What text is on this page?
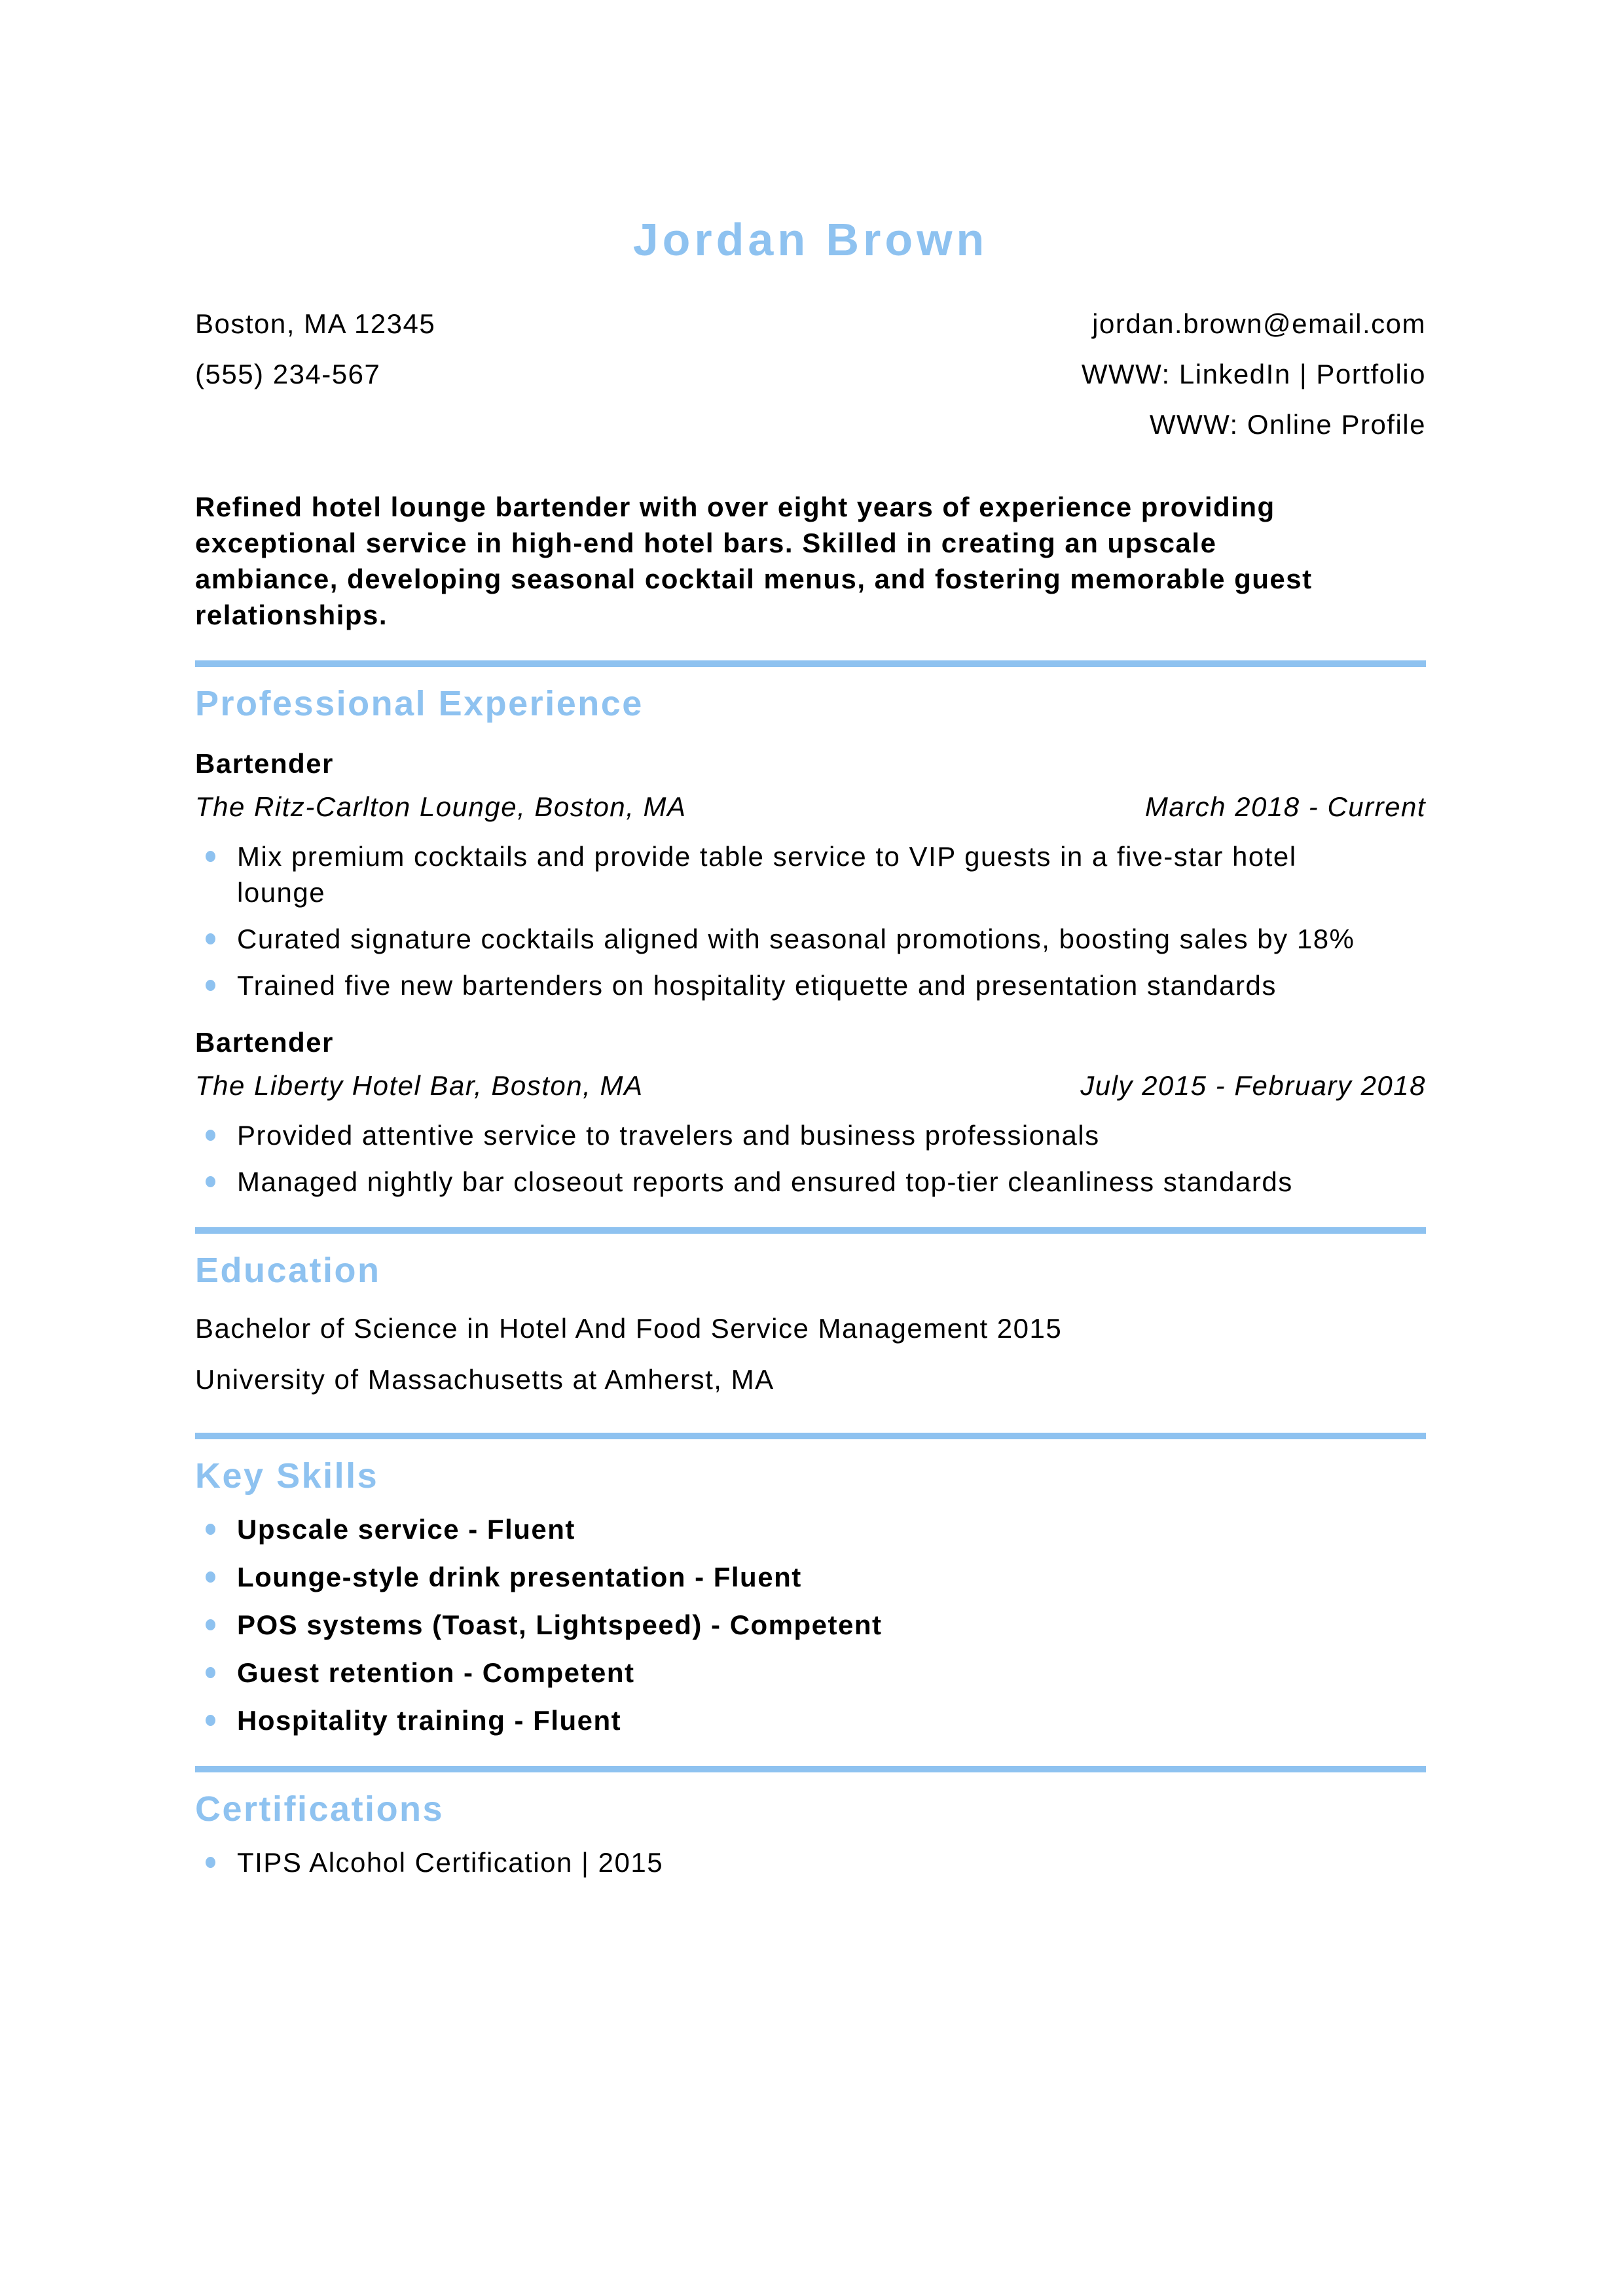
Jordan Brown
Boston, MA 12345
(555) 234-567
jordan.brown@email.com
WWW: LinkedIn | Portfolio
WWW: Online Profile

Refined hotel lounge bartender with over eight years of experience providing exceptional service in high-end hotel bars. Skilled in creating an upscale ambiance, developing seasonal cocktail menus, and fostering memorable guest relationships.

Professional Experience
Bartender
The Ritz-Carlton Lounge, Boston, MA	March 2018 - Current
Mix premium cocktails and provide table service to VIP guests in a five-star hotel lounge
Curated signature cocktails aligned with seasonal promotions, boosting sales by 18%
Trained five new bartenders on hospitality etiquette and presentation standards
Bartender
The Liberty Hotel Bar, Boston, MA	July 2015 - February 2018
Provided attentive service to travelers and business professionals
Managed nightly bar closeout reports and ensured top-tier cleanliness standards
Education
Bachelor of Science in Hotel And Food Service Management 2015
University of Massachusetts at Amherst, MA
Key Skills
Upscale service - Fluent
Lounge-style drink presentation - Fluent
POS systems (Toast, Lightspeed) - Competent
Guest retention - Competent
Hospitality training - Fluent
Certifications
TIPS Alcohol Certification | 2015
